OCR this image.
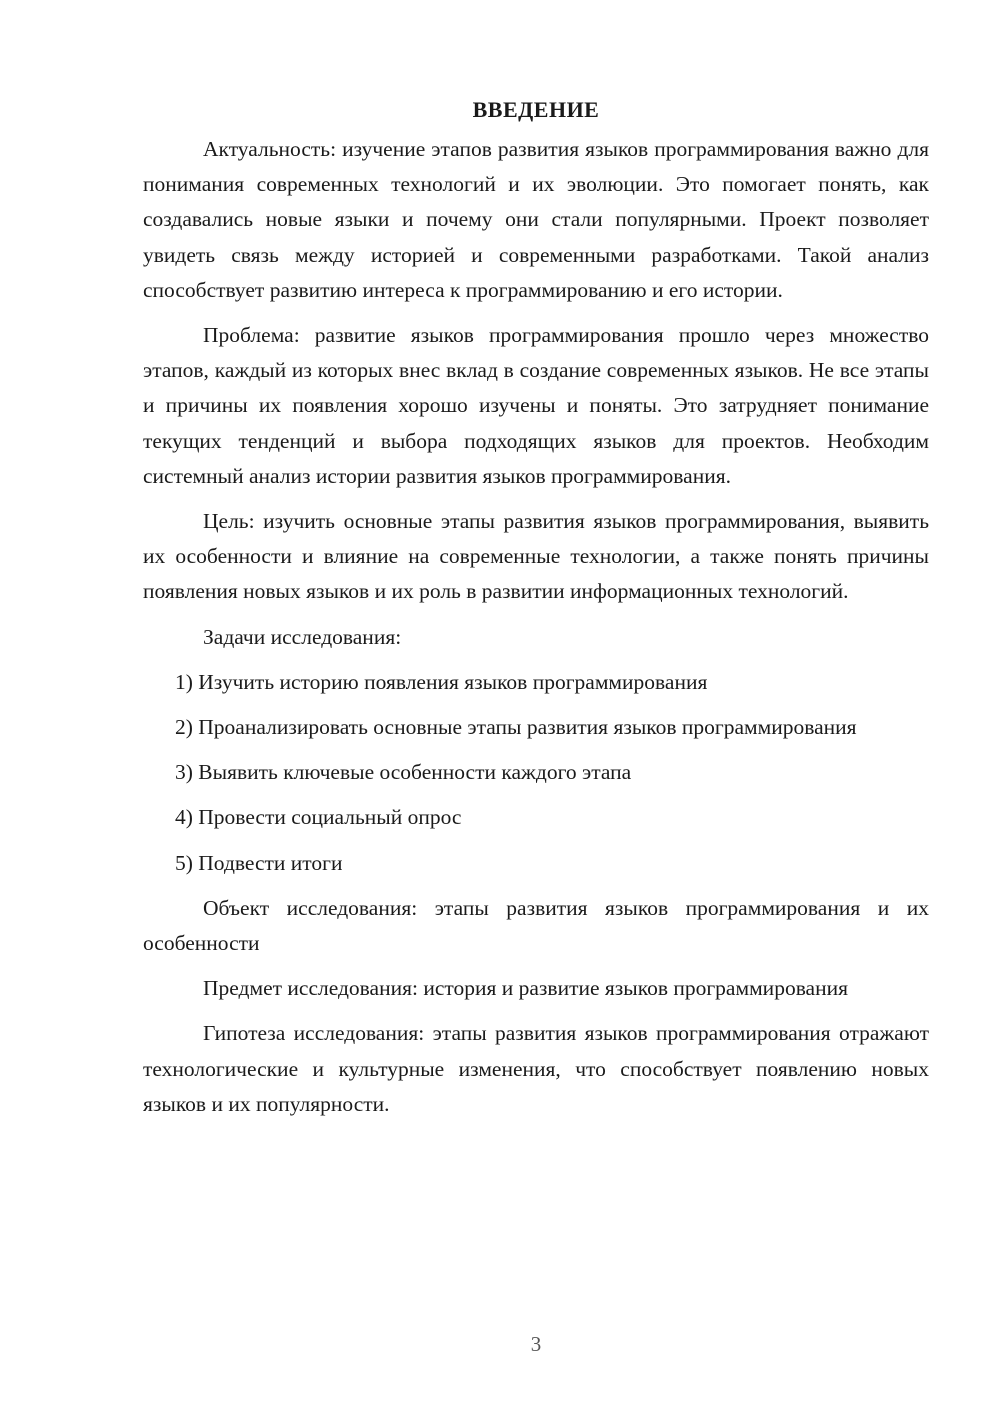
ВВЕДЕНИЕ

Актуальность: изучение этапов развития языков программирования важно для понимания современных технологий и их эволюции. Это помогает понять, как создавались новые языки и почему они стали популярными. Проект позволяет увидеть связь между историей и современными разработками. Такой анализ способствует развитию интереса к программированию и его истории.

Проблема: развитие языков программирования прошло через множество этапов, каждый из которых внес вклад в создание современных языков. Не все этапы и причины их появления хорошо изучены и поняты. Это затрудняет понимание текущих тенденций и выбора подходящих языков для проектов. Необходим системный анализ истории развития языков программирования.

Цель: изучить основные этапы развития языков программирования, выявить их особенности и влияние на современные технологии, а также понять причины появления новых языков и их роль в развитии информационных технологий.

Задачи исследования:

1) Изучить историю появления языков программирования

2) Проанализировать основные этапы развития языков программирования

3) Выявить ключевые особенности каждого этапа

4) Провести социальный опрос

5) Подвести итоги

Объект исследования: этапы развития языков программирования и их особенности

Предмет исследования: история и развитие языков программирования

Гипотеза исследования: этапы развития языков программирования отражают технологические и культурные изменения, что способствует появлению новых языков и их популярности.

3
